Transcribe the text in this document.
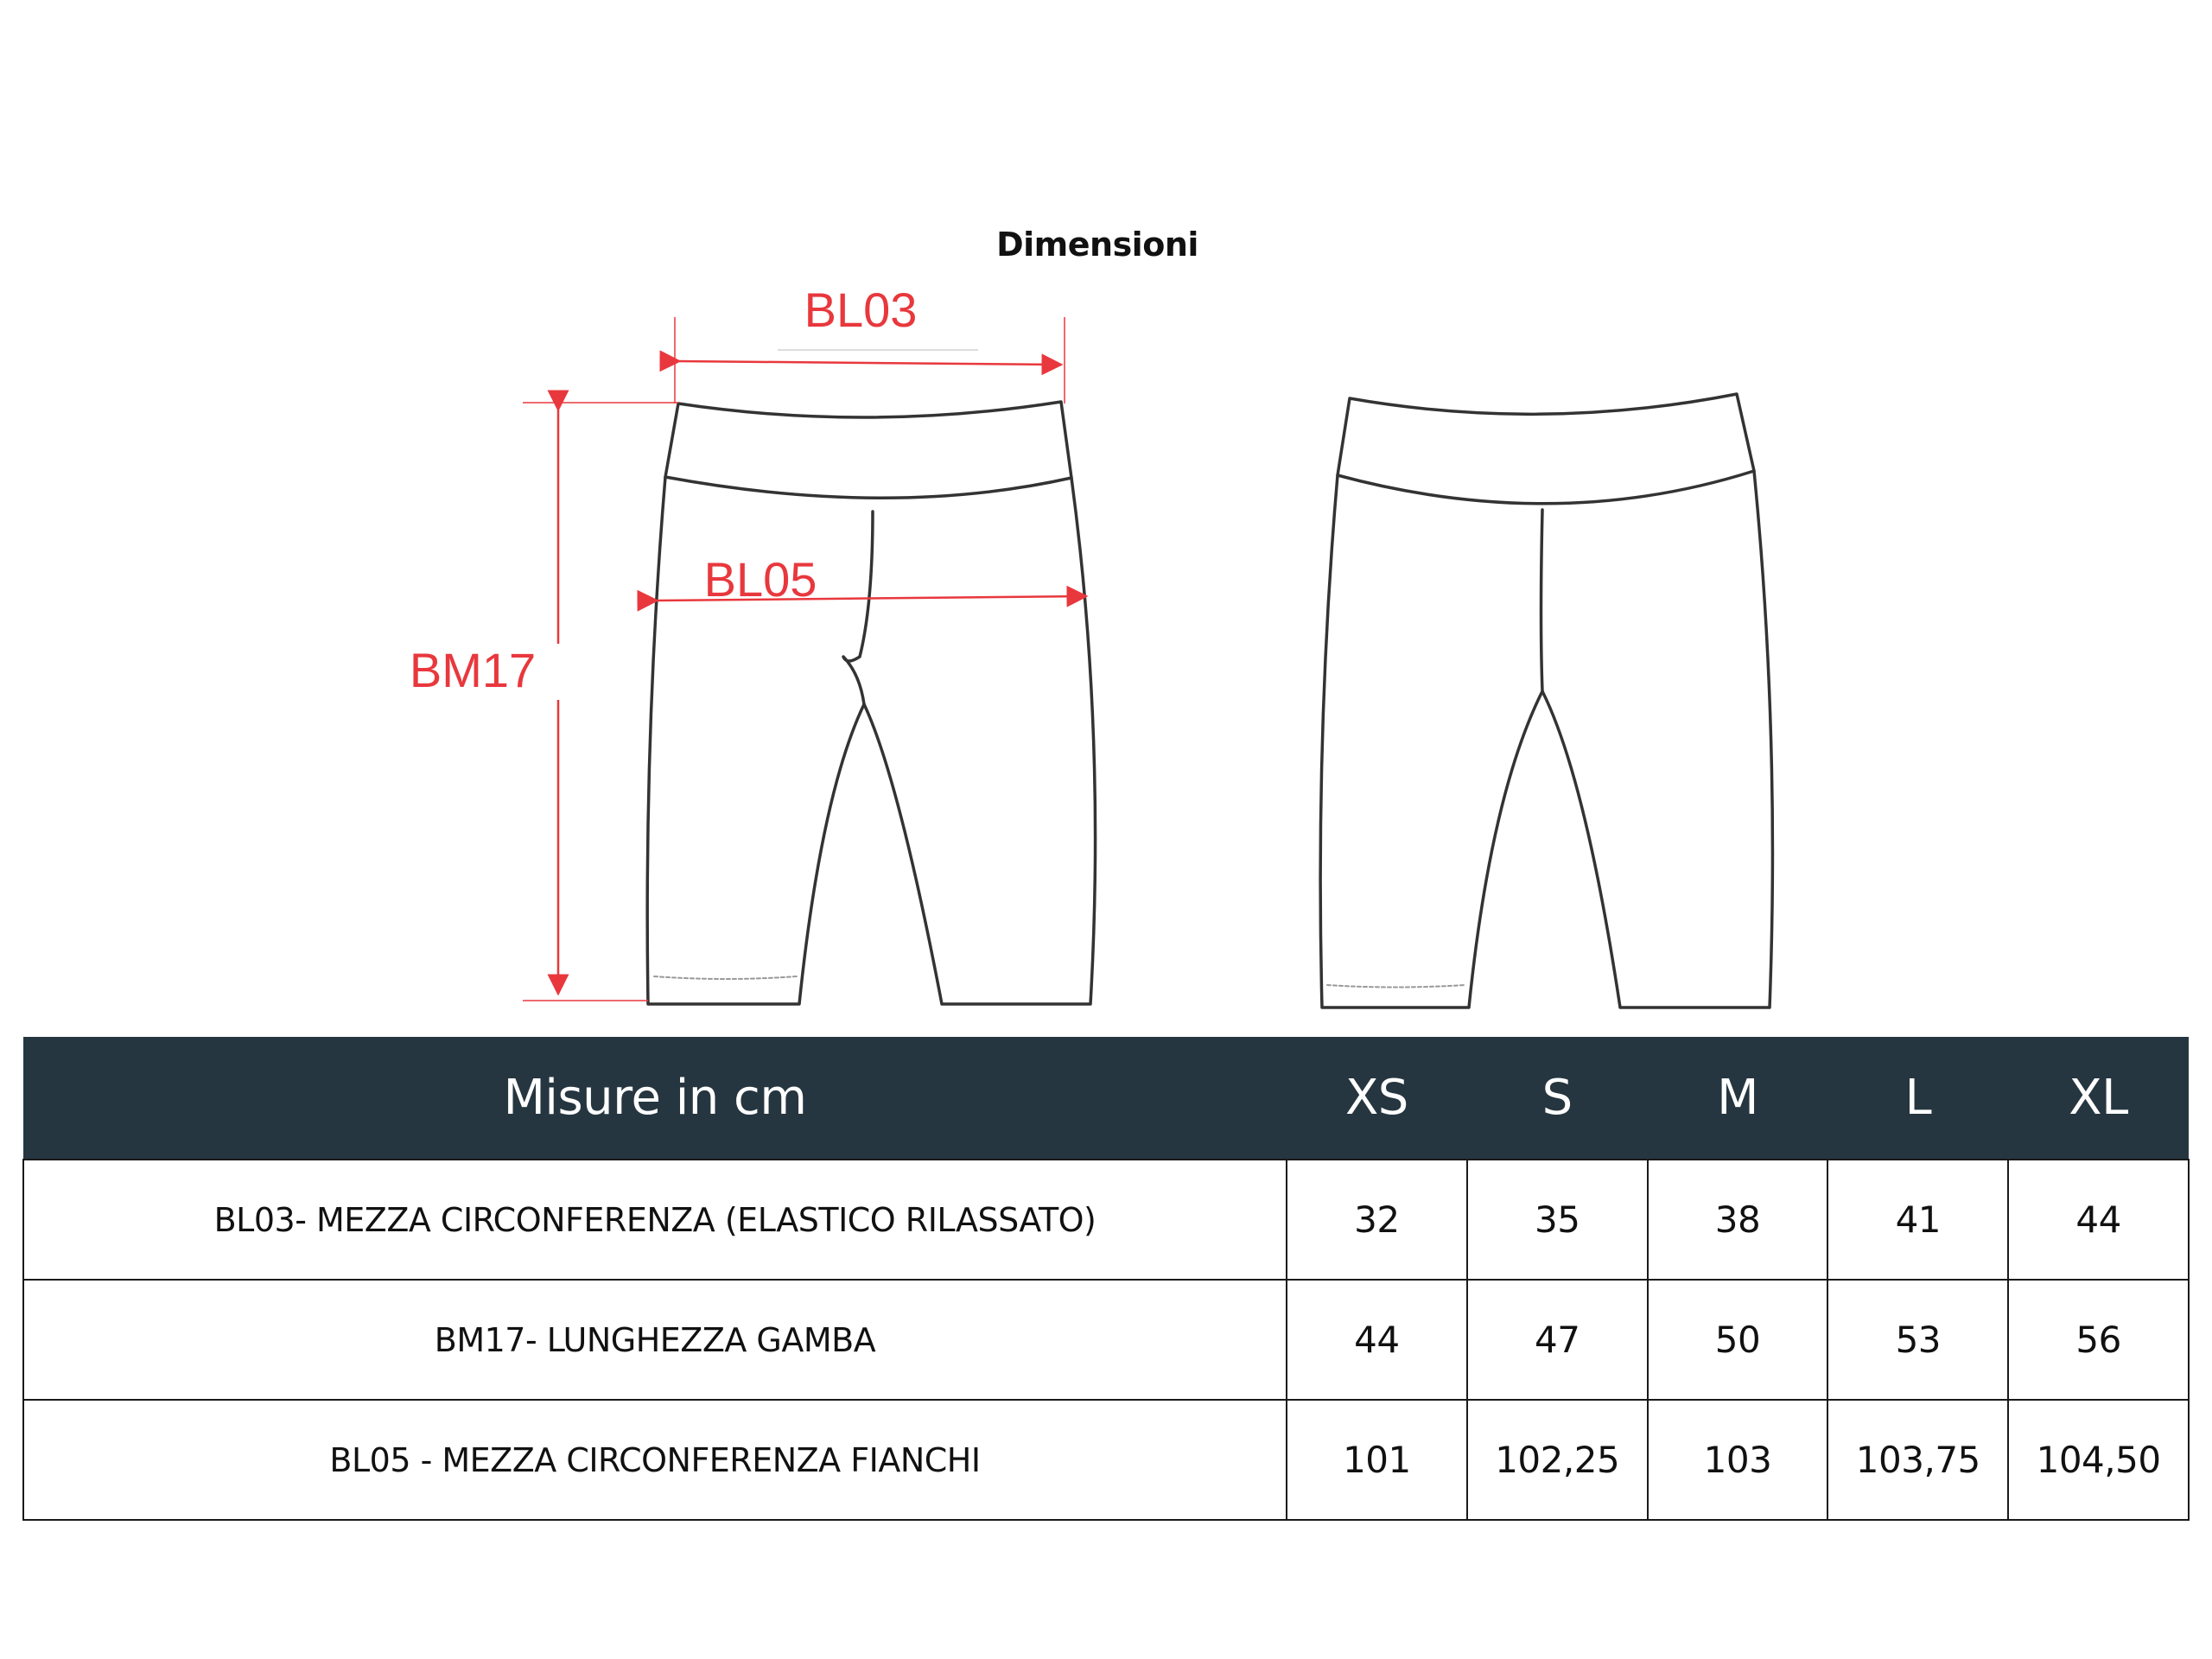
Dimensioni
BL03
BL05
BM17
Misure in cm	XS	S	M	L	XL
BL03- MEZZA CIRCONFERENZA (ELASTICO RILASSATO)	32	35	38	41	44
BM17- LUNGHEZZA GAMBA	44	47	50	53	56
BL05 - MEZZA CIRCONFERENZA FIANCHI	101	102,25	103	103,75	104,50
